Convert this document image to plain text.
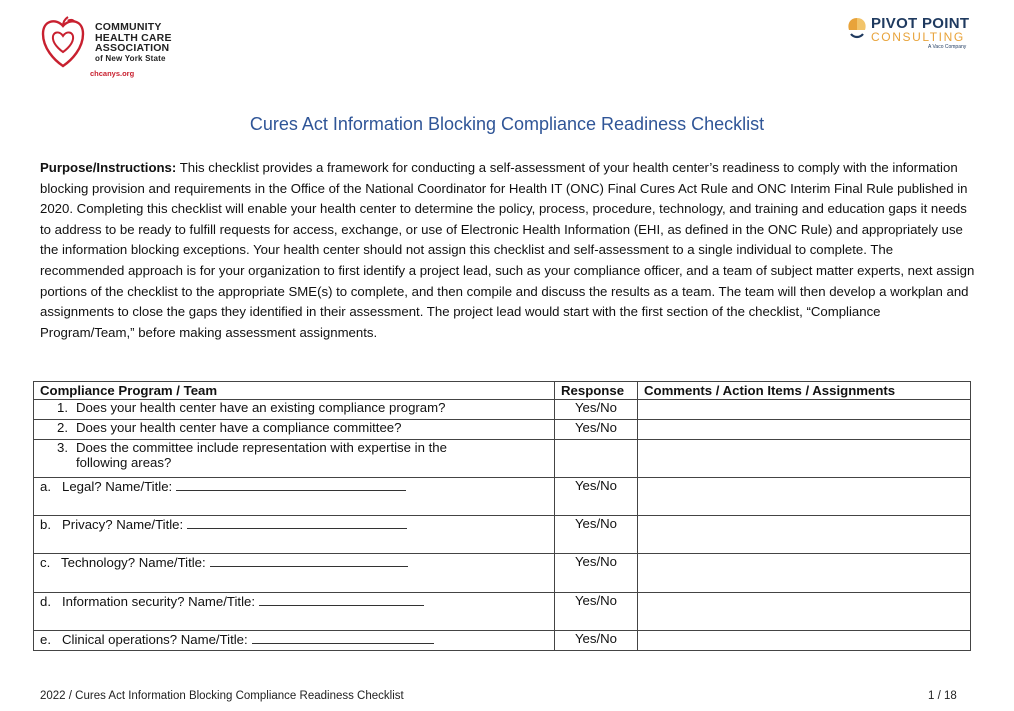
COMMUNITY
HEALTH CARE
ASSOCIATION
of New York State
chcanys.org
PIVOT POINT
CONSULTING
A Vaco Company
Cures Act Information Blocking Compliance Readiness Checklist
Purpose/Instructions: This checklist provides a framework for conducting a self-assessment of your health center’s readiness to comply with the information blocking provision and requirements in the Office of the National Coordinator for Health IT (ONC) Final Cures Act Rule and ONC Interim Final Rule published in 2020. Completing this checklist will enable your health center to determine the policy, process, procedure, technology, and training and education gaps it needs to address to be ready to fulfill requests for access, exchange, or use of Electronic Health Information (EHI, as defined in the ONC Rule) and appropriately use the information blocking exceptions. Your health center should not assign this checklist and self-assessment to a single individual to complete. The recommended approach is for your organization to first identify a project lead, such as your compliance officer, and a team of subject matter experts, next assign portions of the checklist to the appropriate SME(s) to complete, and then compile and discuss the results as a team. The team will then develop a workplan and assignments to close the gaps they identified in their assessment. The project lead would start with the first section of the checklist, “Compliance Program/Team,” before making assessment assignments.
Compliance Program / Team	Response	Comments / Action Items / Assignments
1. Does your health center have an existing compliance program?	Yes/No	
2. Does your health center have a compliance committee?	Yes/No	
3. Does the committee include representation with expertise in the following areas?		
a. Legal? Name/Title:	Yes/No	
b. Privacy? Name/Title:	Yes/No	
c. Technology? Name/Title:	Yes/No	
d. Information security? Name/Title:	Yes/No	
e. Clinical operations? Name/Title:	Yes/No	
2022 / Cures Act Information Blocking Compliance Readiness Checklist	1 / 18
